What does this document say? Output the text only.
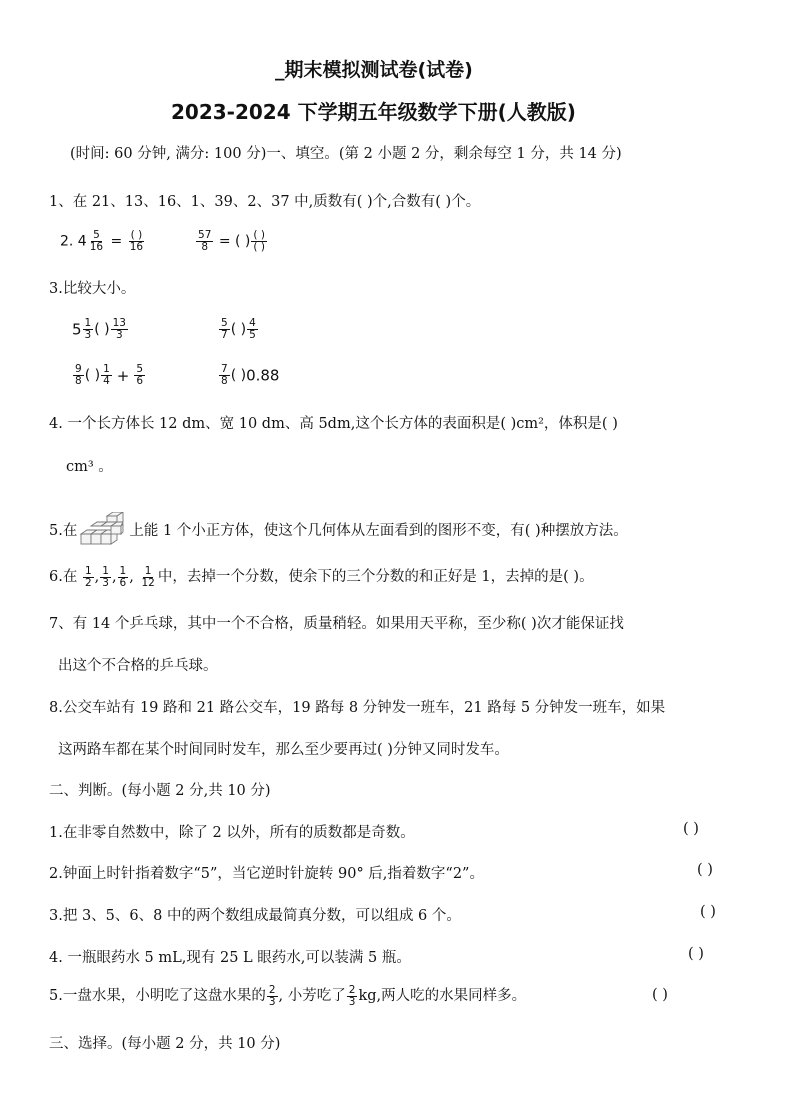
_期末模拟测试卷(试卷)
2023-2024 下学期五年级数学下册(人教版)
(时间: 60 分钟, 满分: 100 分)一、填空。(第 2 小题 2 分，剩余每空 1 分，共 14 分)
1、在 21、13、16、1、39、2、37 中,质数有( )个,合数有( )个。
2. $4 \frac{5}{16} = \frac{( )}{16}$
	$\frac{57}{8}$ = ( ) $\frac{( )}{( )}$
3.比较大小。
$5 \frac{1}{3}$ ( ) $\frac{13}{3}$	$\frac{5}{7}$ ( ) $\frac{4}{5}$
$\frac{9}{8}$ ( ) $\frac{1}{4} + \frac{5}{6}$	$\frac{7}{8}$ ( )0.88
4. 一个长方体长 12 dm、宽 10 dm、高 5dm,这个长方体的表面积是( )cm²，体积是( )
cm³ 。
5.在	上能 1 个小正方体，使这个几何体从左面看到的图形不变，有( )种摆放方法。
6.在 $\frac{1}{2}$ , $\frac{1}{3}$ , $\frac{1}{6}$ , $\frac{1}{12}$ 中，去掉一个分数，使余下的三个分数的和正好是 1，去掉的是( )。
7、有 14 个乒乓球，其中一个不合格，质量稍轻。如果用天平称，至少称( )次才能保证找
出这个不合格的乒乓球。
8.公交车站有 19 路和 21 路公交车，19 路每 8 分钟发一班车，21 路每 5 分钟发一班车，如果
这两路车都在某个时间同时发车，那么至少要再过( )分钟又同时发车。
二、判断。(每小题 2 分,共 10 分)
1.在非零自然数中，除了 2 以外，所有的质数都是奇数。	( )
2.钟面上时针指着数字“5”，当它逆时针旋转 90° 后,指着数字“2”。	( )
3.把 3、5、6、8 中的两个数组成最简真分数，可以组成 6 个。	( )
4. 一瓶眼药水 5 mL,现有 25 L 眼药水,可以装满 5 瓶。	( )
5.一盘水果，小明吃了这盘水果的 $\frac{2}{3}$ , 小芳吃了 $\frac{2}{3}$ kg,两人吃的水果同样多。	( )
三、选择。(每小题 2 分，共 10 分)
